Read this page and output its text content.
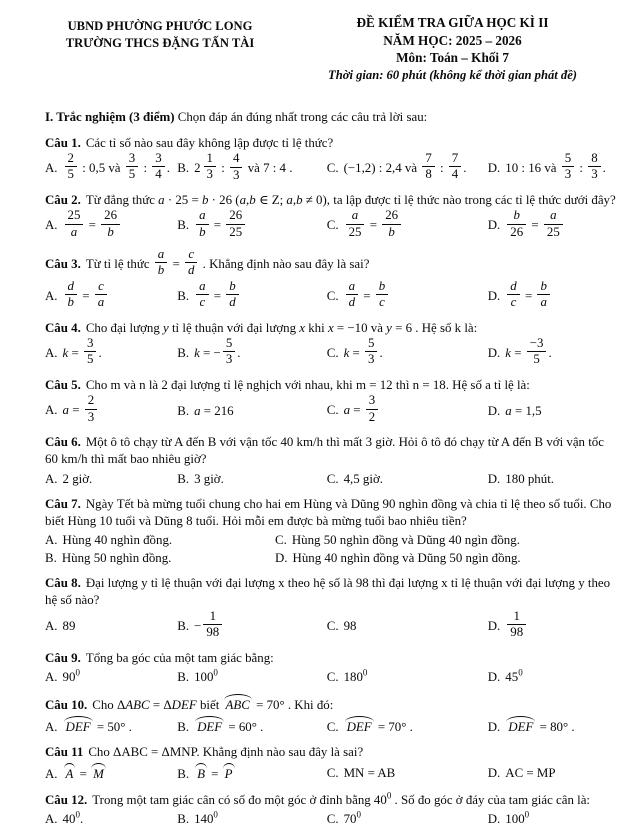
UBND PHƯỜNG PHƯỚC LONG
TRƯỜNG THCS ĐẶNG TẤN TÀI
ĐỀ KIỂM TRA GIỮA HỌC KÌ II
NĂM HỌC: 2025 – 2026
Môn: Toán – Khối 7
Thời gian: 60 phút (không kể thời gian phát đề)

I. Trắc nghiệm (3 điểm) Chọn đáp án đúng nhất trong các câu trả lời sau:

Câu 1. Các tỉ số nào sau đây không lập được tỉ lệ thức?

A. $\frac{2}{5}$ : 0,5 và $\frac{3}{5}$ : $\frac{3}{4}$ . B. $2 \frac{1}{3}$ : $\frac{4}{3}$ và 7 : 4 .	C. (−1,2) : 2,4 và $\frac{7}{8}$ : $\frac{7}{4}$ .	D. 10 : 16 và $\frac{5}{3}$ : $\frac{8}{3}$ .

Câu 2. Từ đẳng thức a · 25 = b · 26 (a,b ∈ Z; a,b ≠ 0), ta lập được tỉ lệ thức nào trong các tỉ lệ thức dưới đây?

A. $\frac{25}{a} = \frac{26}{b}$	B. $\frac{a}{b} = \frac{26}{25}$	C. $\frac{a}{25} = \frac{26}{b}$	D. $\frac{b}{26} = \frac{a}{25}$

Câu 3. Từ tỉ lệ thức $\frac{a}{b} = \frac{c}{d}$ . Khẳng định nào sau đây là sai?

A. $\frac{d}{b} = \frac{c}{a}$	B. $\frac{a}{c} = \frac{b}{d}$	C. $\frac{a}{d} = \frac{b}{c}$	D. $\frac{d}{c} = \frac{b}{a}$

Câu 4. Cho đại lượng y tỉ lệ thuận với đại lượng x khi x = −10 và y = 6 . Hệ số k là:

A. $k = \frac{3}{5}$ .	B. k = − $\frac{5}{3}$ .	C. $k = \frac{5}{3}$ .	D. $k = \frac{-3}{5}$ .

Câu 5. Cho m và n là 2 đại lượng tỉ lệ nghịch với nhau, khi m = 12 thì n = 18. Hệ số a tỉ lệ là:

A. $a = \frac{2}{3}$	B. a = 216	C. $a = \frac{3}{2}$	D. a = 1,5

Câu 6. Một ô tô chạy từ A đến B với vận tốc 40 km/h thì mất 3 giờ. Hỏi ô tô đó chạy từ A đến B với vận tốc 60 km/h thì mất bao nhiêu giờ?

A. 2 giờ.	B. 3 giờ.	C. 4,5 giờ.	D. 180 phút.

Câu 7. Ngày Tết bà mừng tuổi chung cho hai em Hùng và Dũng 90 nghìn đồng và chia tỉ lệ theo số tuổi. Cho biết Hùng 10 tuổi và Dũng 8 tuổi. Hỏi mỗi em được bà mừng tuổi bao nhiêu tiền?

A. Hùng 40 nghìn đồng.	C. Hùng 50 nghìn đồng và Dũng 40 ngìn đồng.
B. Hùng 50 nghìn đồng.	D. Hùng 40 nghìn đồng và Dũng 50 ngìn đồng.

Câu 8. Đại lượng y tỉ lệ thuận với đại lượng x theo hệ số là 98 thì đại lượng x tỉ lệ thuận với đại lượng y theo hệ số nào?

A. 89	B. − $\frac{1}{98}$	C. 98	D. $\frac{1}{98}$

Câu 9. Tổng ba góc của một tam giác bằng:

A. $90^0$	B. $100^0$	C. $180^0$	D. $45^0$

Câu 10. Cho ΔABC = ΔDEF biết ABC = 70° . Khi đó:

A. DEF = 50° .	B. DEF = 60° .	C. DEF = 70° .	D. DEF = 80° .

Câu 11 Cho ΔABC = ΔMNP. Khẳng định nào sau đây là sai?

A. A = M	B. B = P	C. MN = AB	D. AC = MP

Câu 12. Trong một tam giác cân có số đo một góc ở đỉnh bằng $40^0$ . Số đo góc ở đáy của tam giác cân là:

A. $40^0$.	B. $140^0$	C. $70^0$	D. $100^0$
